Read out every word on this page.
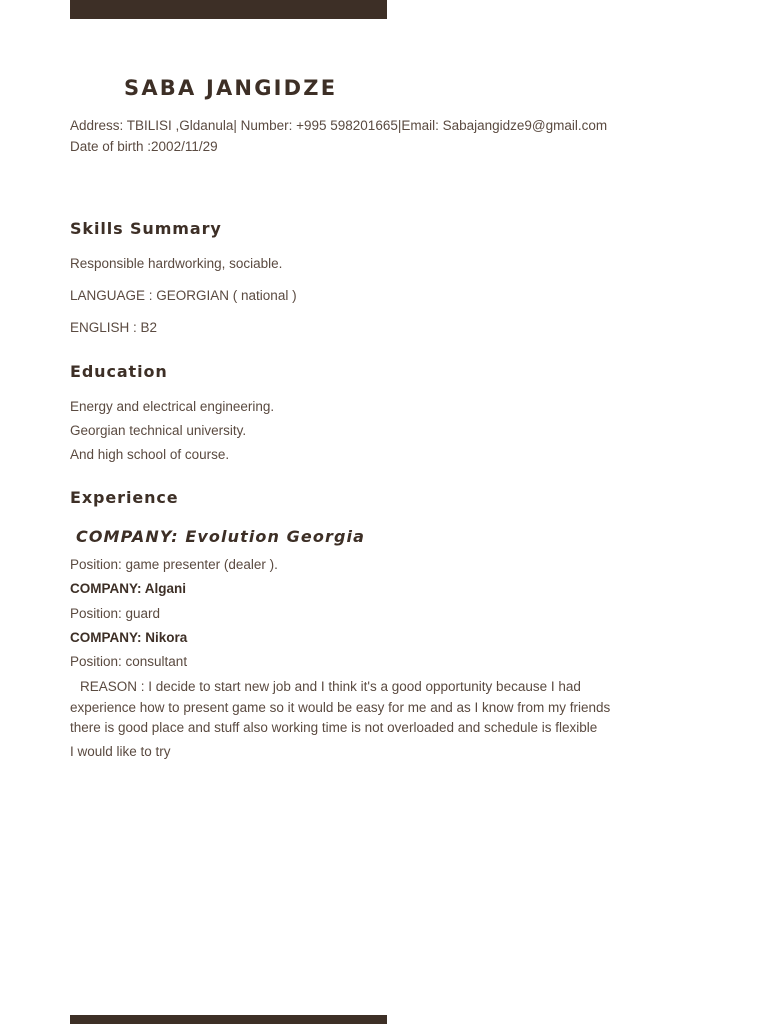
SABA JANGIDZE
Address: TBILISI ,Gldanula| Number: +995 598201665|Email: Sabajangidze9@gmail.com
Date of birth :2002/11/29
Skills Summary
Responsible hardworking, sociable.
LANGUAGE : GEORGIAN ( national )
ENGLISH : B2
Education
Energy and electrical engineering.
Georgian technical university.
And high school of course.
Experience
COMPANY: Evolution Georgia
Position: game presenter (dealer ).
COMPANY: Algani
Position: guard
COMPANY: Nikora
Position: consultant
REASON : I decide to start new job and I think it's a good opportunity because I had
experience how to present game so it would be easy for me and as I know from my friends
there is good place and stuff also working time is not overloaded and schedule is flexible
I would like to try
